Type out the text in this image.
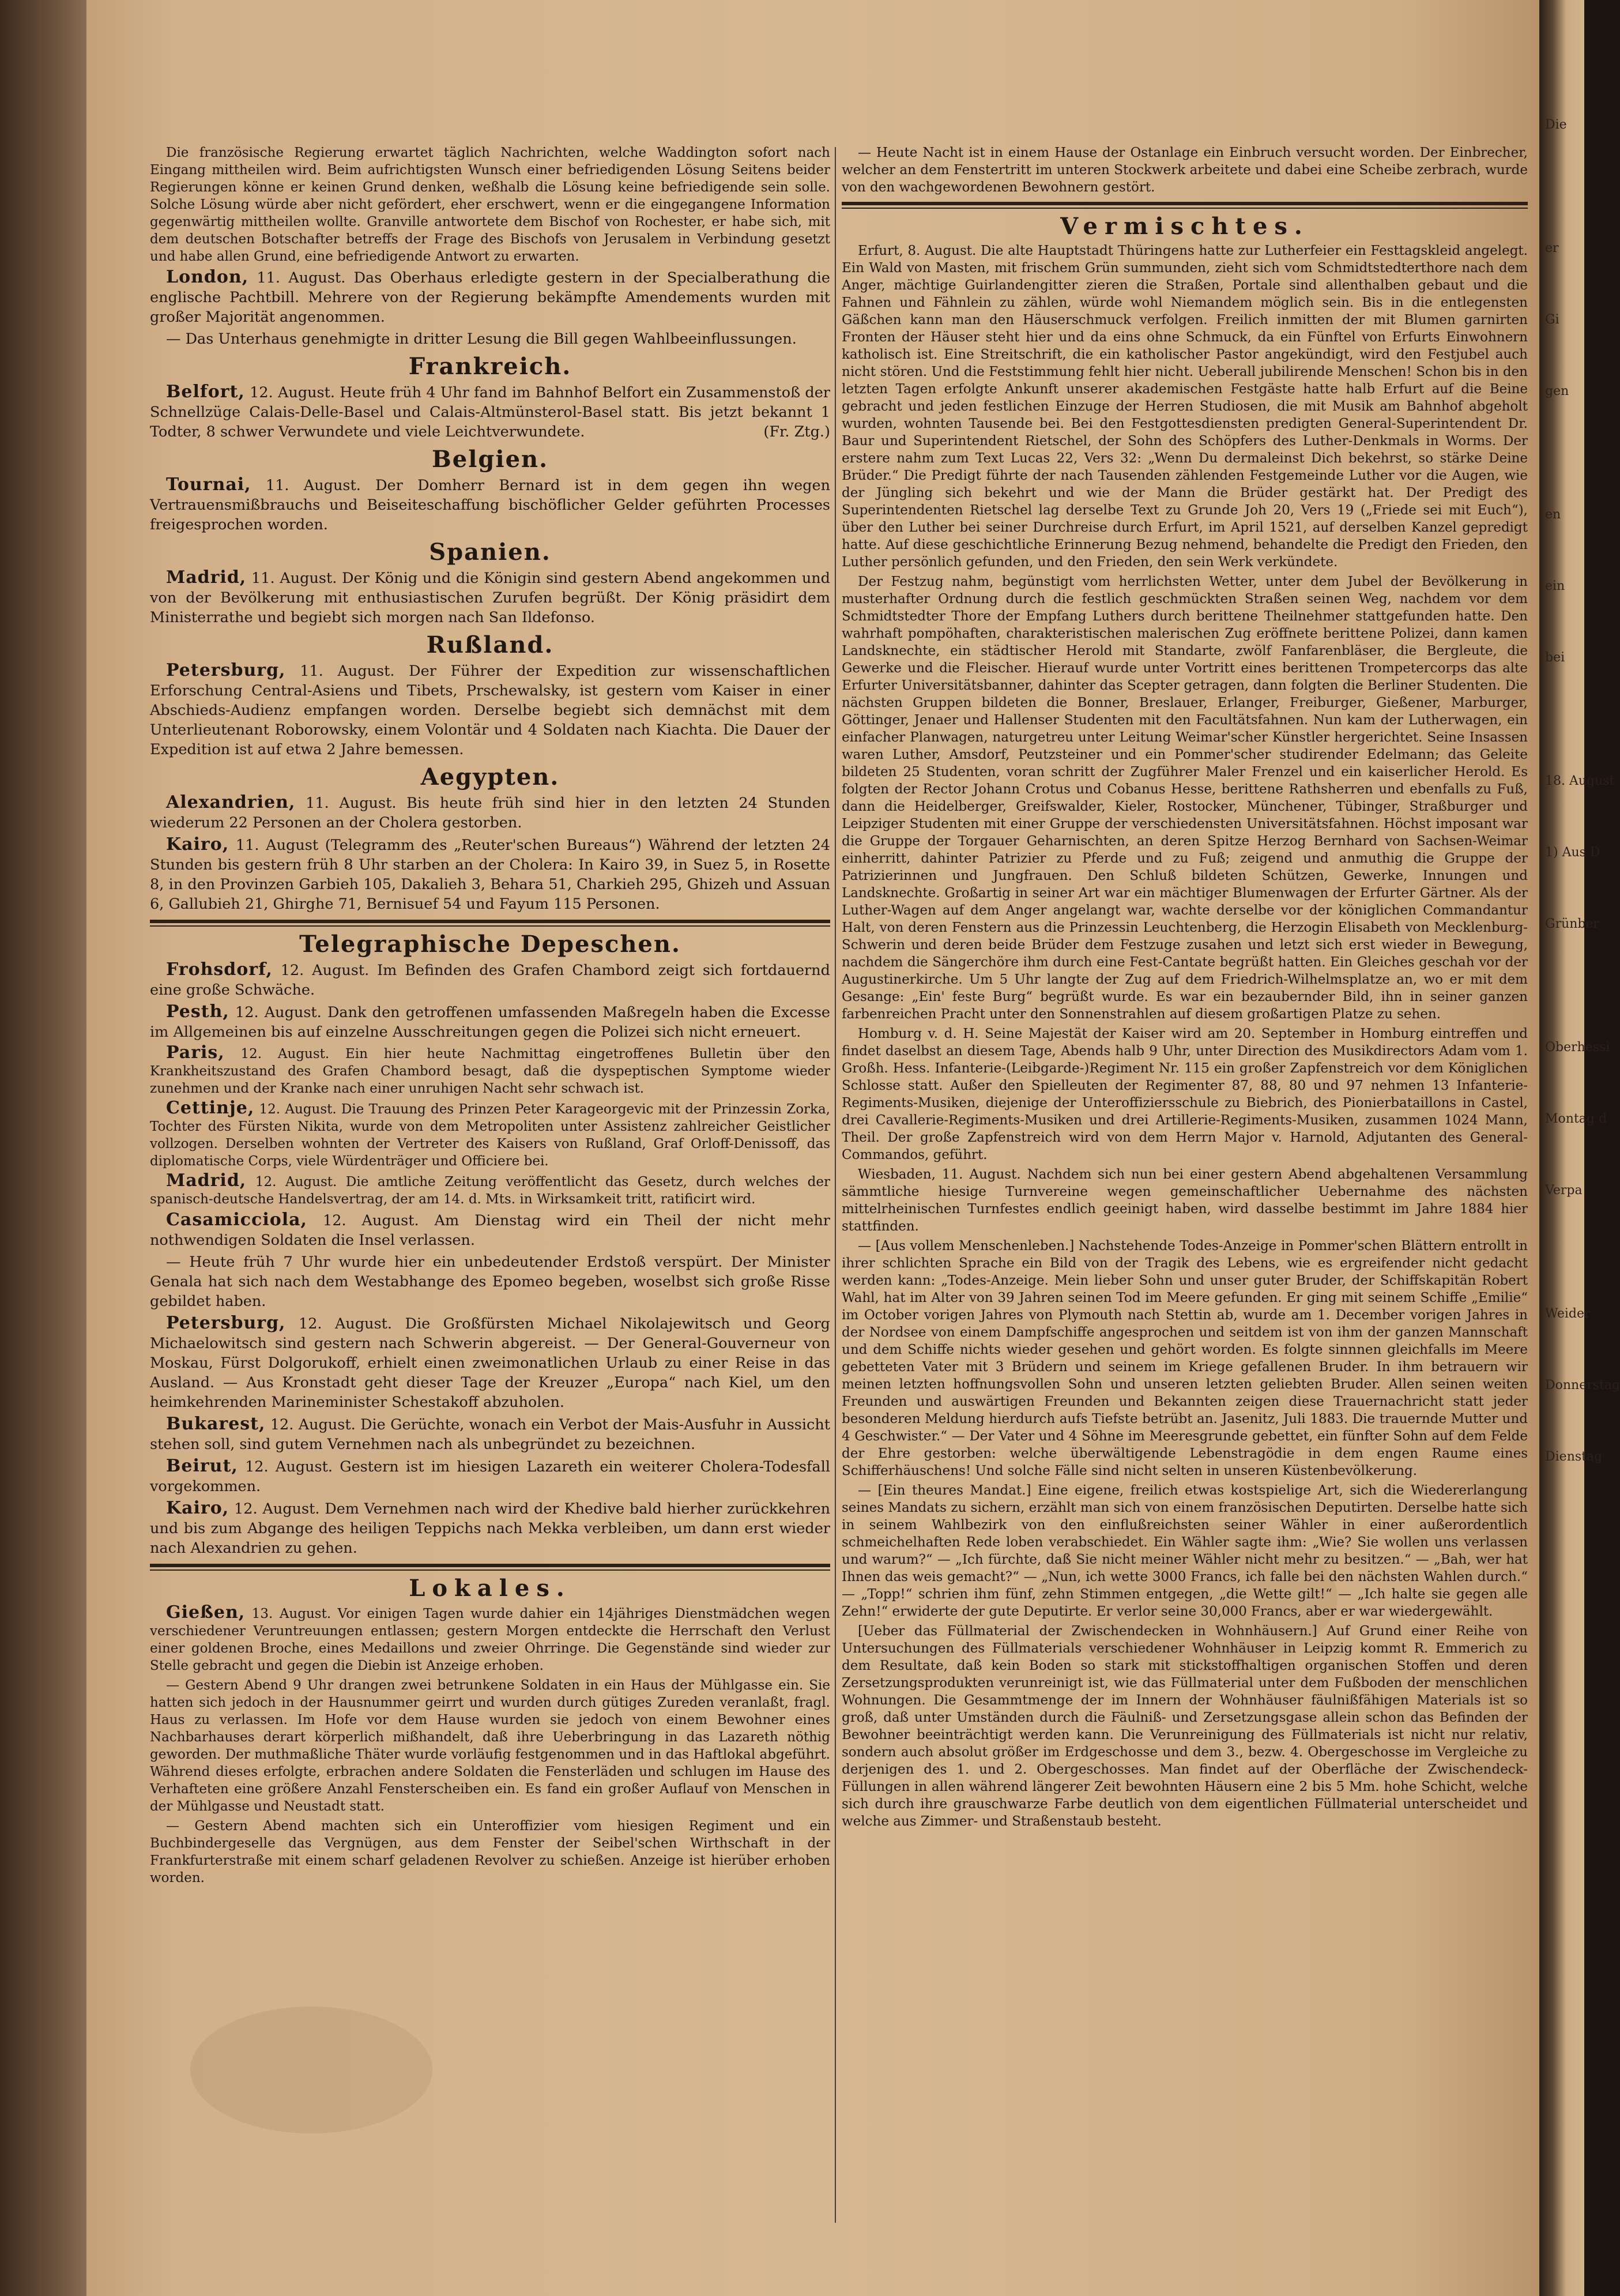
Die
er
Gi
gen
en
ein
bei
18. August
1) Aus D
Grünber
Oberhessi
Montag d
Verpa
Weider
Donnerstag
Dienstag

Die französische Regierung erwartet täglich Nachrichten, welche Waddington sofort nach Eingang mittheilen wird. Beim aufrichtigsten Wunsch einer befriedigenden Lösung Seitens beider Regierungen könne er keinen Grund denken, weßhalb die Lösung keine befriedigende sein solle. Solche Lösung würde aber nicht gefördert, eher erschwert, wenn er die eingegangene Information gegenwärtig mittheilen wollte. Granville antwortete dem Bischof von Rochester, er habe sich, mit dem deutschen Botschafter betreffs der Frage des Bischofs von Jerusalem in Verbindung gesetzt und habe allen Grund, eine befriedigende Antwort zu erwarten.

London, 11. August. Das Oberhaus erledigte gestern in der Specialberathung die englische Pachtbill. Mehrere von der Regierung bekämpfte Amendements wurden mit großer Majorität angenommen.

— Das Unterhaus genehmigte in dritter Lesung die Bill gegen Wahlbeeinflussungen.

Frankreich.

Belfort, 12. August. Heute früh 4 Uhr fand im Bahnhof Belfort ein Zusammenstoß der Schnellzüge Calais-Delle-Basel und Calais-Altmünsterol-Basel statt. Bis jetzt bekannt 1 Todter, 8 schwer Verwundete und viele Leichtverwundete.	(Fr. Ztg.)

Belgien.

Tournai, 11. August. Der Domherr Bernard ist in dem gegen ihn wegen Vertrauensmißbrauchs und Beiseiteschaffung bischöflicher Gelder geführten Processes freigesprochen worden.

Spanien.

Madrid, 11. August. Der König und die Königin sind gestern Abend angekommen und von der Bevölkerung mit enthusiastischen Zurufen begrüßt. Der König präsidirt dem Ministerrathe und begiebt sich morgen nach San Ildefonso.

Rußland.

Petersburg, 11. August. Der Führer der Expedition zur wissenschaftlichen Erforschung Central-Asiens und Tibets, Prschewalsky, ist gestern vom Kaiser in einer Abschieds-Audienz empfangen worden. Derselbe begiebt sich demnächst mit dem Unterlieutenant Roborowsky, einem Volontär und 4 Soldaten nach Kiachta. Die Dauer der Expedition ist auf etwa 2 Jahre bemessen.

Aegypten.

Alexandrien, 11. August. Bis heute früh sind hier in den letzten 24 Stunden wiederum 22 Personen an der Cholera gestorben.

Kairo, 11. August (Telegramm des „Reuter'schen Bureaus“) Während der letzten 24 Stunden bis gestern früh 8 Uhr starben an der Cholera: In Kairo 39, in Suez 5, in Rosette 8, in den Provinzen Garbieh 105, Dakalieh 3, Behara 51, Charkieh 295, Ghizeh und Assuan 6, Gallubieh 21, Ghirghe 71, Bernisuef 54 und Fayum 115 Personen.

Telegraphische Depeschen.

Frohsdorf, 12. August. Im Befinden des Grafen Chambord zeigt sich fortdauernd eine große Schwäche.

Pesth, 12. August. Dank den getroffenen umfassenden Maßregeln haben die Excesse im Allgemeinen bis auf einzelne Ausschreitungen gegen die Polizei sich nicht erneuert.

Paris, 12. August. Ein hier heute Nachmittag eingetroffenes Bulletin über den Krankheitszustand des Grafen Chambord besagt, daß die dyspeptischen Symptome wieder zunehmen und der Kranke nach einer unruhigen Nacht sehr schwach ist.

Cettinje, 12. August. Die Trauung des Prinzen Peter Karageorgevic mit der Prinzessin Zorka, Tochter des Fürsten Nikita, wurde von dem Metropoliten unter Assistenz zahlreicher Geistlicher vollzogen. Derselben wohnten der Vertreter des Kaisers von Rußland, Graf Orloff-Denissoff, das diplomatische Corps, viele Würdenträger und Officiere bei.

Madrid, 12. August. Die amtliche Zeitung veröffentlicht das Gesetz, durch welches der spanisch-deutsche Handelsvertrag, der am 14. d. Mts. in Wirksamkeit tritt, ratificirt wird.

Casamicciola, 12. August. Am Dienstag wird ein Theil der nicht mehr nothwendigen Soldaten die Insel verlassen.

— Heute früh 7 Uhr wurde hier ein unbedeutender Erdstoß verspürt. Der Minister Genala hat sich nach dem Westabhange des Epomeo begeben, woselbst sich große Risse gebildet haben.

Petersburg, 12. August. Die Großfürsten Michael Nikolajewitsch und Georg Michaelowitsch sind gestern nach Schwerin abgereist. — Der General-Gouverneur von Moskau, Fürst Dolgorukoff, erhielt einen zweimonatlichen Urlaub zu einer Reise in das Ausland. — Aus Kronstadt geht dieser Tage der Kreuzer „Europa“ nach Kiel, um den heimkehrenden Marineminister Schestakoff abzuholen.

Bukarest, 12. August. Die Gerüchte, wonach ein Verbot der Mais-Ausfuhr in Aussicht stehen soll, sind gutem Vernehmen nach als unbegründet zu bezeichnen.

Beirut, 12. August. Gestern ist im hiesigen Lazareth ein weiterer Cholera-Todesfall vorgekommen.

Kairo, 12. August. Dem Vernehmen nach wird der Khedive bald hierher zurückkehren und bis zum Abgange des heiligen Teppichs nach Mekka verbleiben, um dann erst wieder nach Alexandrien zu gehen.

Lokales.

Gießen, 13. August. Vor einigen Tagen wurde dahier ein 14jähriges Dienstmädchen wegen verschiedener Veruntreuungen entlassen; gestern Morgen entdeckte die Herrschaft den Verlust einer goldenen Broche, eines Medaillons und zweier Ohrringe. Die Gegenstände sind wieder zur Stelle gebracht und gegen die Diebin ist Anzeige erhoben.

— Gestern Abend 9 Uhr drangen zwei betrunkene Soldaten in ein Haus der Mühlgasse ein. Sie hatten sich jedoch in der Hausnummer geirrt und wurden durch gütiges Zureden veranlaßt, fragl. Haus zu verlassen. Im Hofe vor dem Hause wurden sie jedoch von einem Bewohner eines Nachbarhauses derart körperlich mißhandelt, daß ihre Ueberbringung in das Lazareth nöthig geworden. Der muthmaßliche Thäter wurde vorläufig festgenommen und in das Haftlokal abgeführt. Während dieses erfolgte, erbrachen andere Soldaten die Fensterläden und schlugen im Hause des Verhafteten eine größere Anzahl Fensterscheiben ein. Es fand ein großer Auflauf von Menschen in der Mühlgasse und Neustadt statt.

— Gestern Abend machten sich ein Unteroffizier vom hiesigen Regiment und ein Buchbindergeselle das Vergnügen, aus dem Fenster der Seibel'schen Wirthschaft in der Frankfurterstraße mit einem scharf geladenen Revolver zu schießen. Anzeige ist hierüber erhoben worden.

— Heute Nacht ist in einem Hause der Ostanlage ein Einbruch versucht worden. Der Einbrecher, welcher an dem Fenstertritt im unteren Stockwerk arbeitete und dabei eine Scheibe zerbrach, wurde von den wachgewordenen Bewohnern gestört.

Vermischtes.

Erfurt, 8. August. Die alte Hauptstadt Thüringens hatte zur Lutherfeier ein Festtagskleid angelegt. Ein Wald von Masten, mit frischem Grün summunden, zieht sich vom Schmidtstedterthore nach dem Anger, mächtige Guirlandengitter zieren die Straßen, Portale sind allenthalben gebaut und die Fahnen und Fähnlein zu zählen, würde wohl Niemandem möglich sein. Bis in die entlegensten Gäßchen kann man den Häuserschmuck verfolgen. Freilich inmitten der mit Blumen garnirten Fronten der Häuser steht hier und da eins ohne Schmuck, da ein Fünftel von Erfurts Einwohnern katholisch ist. Eine Streitschrift, die ein katholischer Pastor angekündigt, wird den Festjubel auch nicht stören. Und die Feststimmung fehlt hier nicht. Ueberall jubilirende Menschen! Schon bis in den letzten Tagen erfolgte Ankunft unserer akademischen Festgäste hatte halb Erfurt auf die Beine gebracht und jeden festlichen Einzuge der Herren Studiosen, die mit Musik am Bahnhof abgeholt wurden, wohnten Tausende bei. Bei den Festgottesdiensten predigten General-Superintendent Dr. Baur und Superintendent Rietschel, der Sohn des Schöpfers des Luther-Denkmals in Worms. Der erstere nahm zum Text Lucas 22, Vers 32: „Wenn Du dermaleinst Dich bekehrst, so stärke Deine Brüder.“ Die Predigt führte der nach Tausenden zählenden Festgemeinde Luther vor die Augen, wie der Jüngling sich bekehrt und wie der Mann die Brüder gestärkt hat. Der Predigt des Superintendenten Rietschel lag derselbe Text zu Grunde Joh 20, Vers 19 („Friede sei mit Euch“), über den Luther bei seiner Durchreise durch Erfurt, im April 1521, auf derselben Kanzel gepredigt hatte. Auf diese geschichtliche Erinnerung Bezug nehmend, behandelte die Predigt den Frieden, den Luther persönlich gefunden, und den Frieden, den sein Werk verkündete.

Der Festzug nahm, begünstigt vom herrlichsten Wetter, unter dem Jubel der Bevölkerung in musterhafter Ordnung durch die festlich geschmückten Straßen seinen Weg, nachdem vor dem Schmidtstedter Thore der Empfang Luthers durch berittene Theilnehmer stattgefunden hatte. Den wahrhaft pompöhaften, charakteristischen malerischen Zug eröffnete berittene Polizei, dann kamen Landsknechte, ein städtischer Herold mit Standarte, zwölf Fanfarenbläser, die Bergleute, die Gewerke und die Fleischer. Hierauf wurde unter Vortritt eines berittenen Trompetercorps das alte Erfurter Universitätsbanner, dahinter das Scepter getragen, dann folgten die Berliner Studenten. Die nächsten Gruppen bildeten die Bonner, Breslauer, Erlanger, Freiburger, Gießener, Marburger, Göttinger, Jenaer und Hallenser Studenten mit den Facultätsfahnen. Nun kam der Lutherwagen, ein einfacher Planwagen, naturgetreu unter Leitung Weimar'scher Künstler hergerichtet. Seine Insassen waren Luther, Amsdorf, Peutzsteiner und ein Pommer'scher studirender Edelmann; das Geleite bildeten 25 Studenten, voran schritt der Zugführer Maler Frenzel und ein kaiserlicher Herold. Es folgten der Rector Johann Crotus und Cobanus Hesse, berittene Rathsherren und ebenfalls zu Fuß, dann die Heidelberger, Greifswalder, Kieler, Rostocker, Münchener, Tübinger, Straßburger und Leipziger Studenten mit einer Gruppe der verschiedensten Universitätsfahnen. Höchst imposant war die Gruppe der Torgauer Geharnischten, an deren Spitze Herzog Bernhard von Sachsen-Weimar einherritt, dahinter Patrizier zu Pferde und zu Fuß; zeigend und anmuthig die Gruppe der Patrizierinnen und Jungfrauen. Den Schluß bildeten Schützen, Gewerke, Innungen und Landsknechte. Großartig in seiner Art war ein mächtiger Blumenwagen der Erfurter Gärtner. Als der Luther-Wagen auf dem Anger angelangt war, wachte derselbe vor der königlichen Commandantur Halt, von deren Fenstern aus die Prinzessin Leuchtenberg, die Herzogin Elisabeth von Mecklenburg-Schwerin und deren beide Brüder dem Festzuge zusahen und letzt sich erst wieder in Bewegung, nachdem die Sängerchöre ihm durch eine Fest-Cantate begrüßt hatten. Ein Gleiches geschah vor der Augustinerkirche. Um 5 Uhr langte der Zug auf dem Friedrich-Wilhelmsplatze an, wo er mit dem Gesange: „Ein' feste Burg“ begrüßt wurde. Es war ein bezaubernder Bild, ihn in seiner ganzen farbenreichen Pracht unter den Sonnenstrahlen auf diesem großartigen Platze zu sehen.

Homburg v. d. H. Seine Majestät der Kaiser wird am 20. September in Homburg eintreffen und findet daselbst an diesem Tage, Abends halb 9 Uhr, unter Direction des Musikdirectors Adam vom 1. Großh. Hess. Infanterie-(Leibgarde-)Regiment Nr. 115 ein großer Zapfenstreich vor dem Königlichen Schlosse statt. Außer den Spielleuten der Regimenter 87, 88, 80 und 97 nehmen 13 Infanterie-Regiments-Musiken, diejenige der Unteroffiziersschule zu Biebrich, des Pionierbataillons in Castel, drei Cavallerie-Regiments-Musiken und drei Artillerie-Regiments-Musiken, zusammen 1024 Mann, Theil. Der große Zapfenstreich wird von dem Herrn Major v. Harnold, Adjutanten des General-Commandos, geführt.

Wiesbaden, 11. August. Nachdem sich nun bei einer gestern Abend abgehaltenen Versammlung sämmtliche hiesige Turnvereine wegen gemeinschaftlicher Uebernahme des nächsten mittelrheinischen Turnfestes endlich geeinigt haben, wird dasselbe bestimmt im Jahre 1884 hier stattfinden.

— [Aus vollem Menschenleben.] Nachstehende Todes-Anzeige in Pommer'schen Blättern entrollt in ihrer schlichten Sprache ein Bild von der Tragik des Lebens, wie es ergreifender nicht gedacht werden kann: „Todes-Anzeige. Mein lieber Sohn und unser guter Bruder, der Schiffskapitän Robert Wahl, hat im Alter von 39 Jahren seinen Tod im Meere gefunden. Er ging mit seinem Schiffe „Emilie“ im October vorigen Jahres von Plymouth nach Stettin ab, wurde am 1. December vorigen Jahres in der Nordsee von einem Dampfschiffe angesprochen und seitdem ist von ihm der ganzen Mannschaft und dem Schiffe nichts wieder gesehen und gehört worden. Es folgte sinnnen gleichfalls im Meere gebetteten Vater mit 3 Brüdern und seinem im Kriege gefallenen Bruder. In ihm betrauern wir meinen letzten hoffnungsvollen Sohn und unseren letzten geliebten Bruder. Allen seinen weiten Freunden und auswärtigen Freunden und Bekannten zeigen diese Trauernachricht statt jeder besonderen Meldung hierdurch aufs Tiefste betrübt an. Jasenitz, Juli 1883. Die trauernde Mutter und 4 Geschwister.“ — Der Vater und 4 Söhne im Meeresgrunde gebettet, ein fünfter Sohn auf dem Felde der Ehre gestorben: welche überwältigende Lebenstragödie in dem engen Raume eines Schifferhäuschens! Und solche Fälle sind nicht selten in unseren Küstenbevölkerung.

— [Ein theures Mandat.] Eine eigene, freilich etwas kostspielige Art, sich die Wiedererlangung seines Mandats zu sichern, erzählt man sich von einem französischen Deputirten. Derselbe hatte sich in seinem Wahlbezirk von den einflußreichsten seiner Wähler in einer außerordentlich schmeichelhaften Rede loben verabschiedet. Ein Wähler sagte ihm: „Wie? Sie wollen uns verlassen und warum?“ — „Ich fürchte, daß Sie nicht meiner Wähler nicht mehr zu besitzen.“ — „Bah, wer hat Ihnen das weis gemacht?“ — „Nun, ich wette 3000 Francs, ich falle bei den nächsten Wahlen durch.“ — „Topp!“ schrien ihm fünf, zehn Stimmen entgegen, „die Wette gilt!“ — „Ich halte sie gegen alle Zehn!“ erwiderte der gute Deputirte. Er verlor seine 30,000 Francs, aber er war wiedergewählt.

[Ueber das Füllmaterial der Zwischendecken in Wohnhäusern.] Auf Grund einer Reihe von Untersuchungen des Füllmaterials verschiedener Wohnhäuser in Leipzig kommt R. Emmerich zu dem Resultate, daß kein Boden so stark mit stickstoffhaltigen organischen Stoffen und deren Zersetzungsprodukten verunreinigt ist, wie das Füllmaterial unter dem Fußboden der menschlichen Wohnungen. Die Gesammtmenge der im Innern der Wohnhäuser fäulnißfähigen Materials ist so groß, daß unter Umständen durch die Fäulniß- und Zersetzungsgase allein schon das Befinden der Bewohner beeinträchtigt werden kann. Die Verunreinigung des Füllmaterials ist nicht nur relativ, sondern auch absolut größer im Erdgeschosse und dem 3., bezw. 4. Obergeschosse im Vergleiche zu derjenigen des 1. und 2. Obergeschosses. Man findet auf der Oberfläche der Zwischendeck-Füllungen in allen während längerer Zeit bewohnten Häusern eine 2 bis 5 Mm. hohe Schicht, welche sich durch ihre grauschwarze Farbe deutlich von dem eigentlichen Füllmaterial unterscheidet und welche aus Zimmer- und Straßenstaub besteht.
